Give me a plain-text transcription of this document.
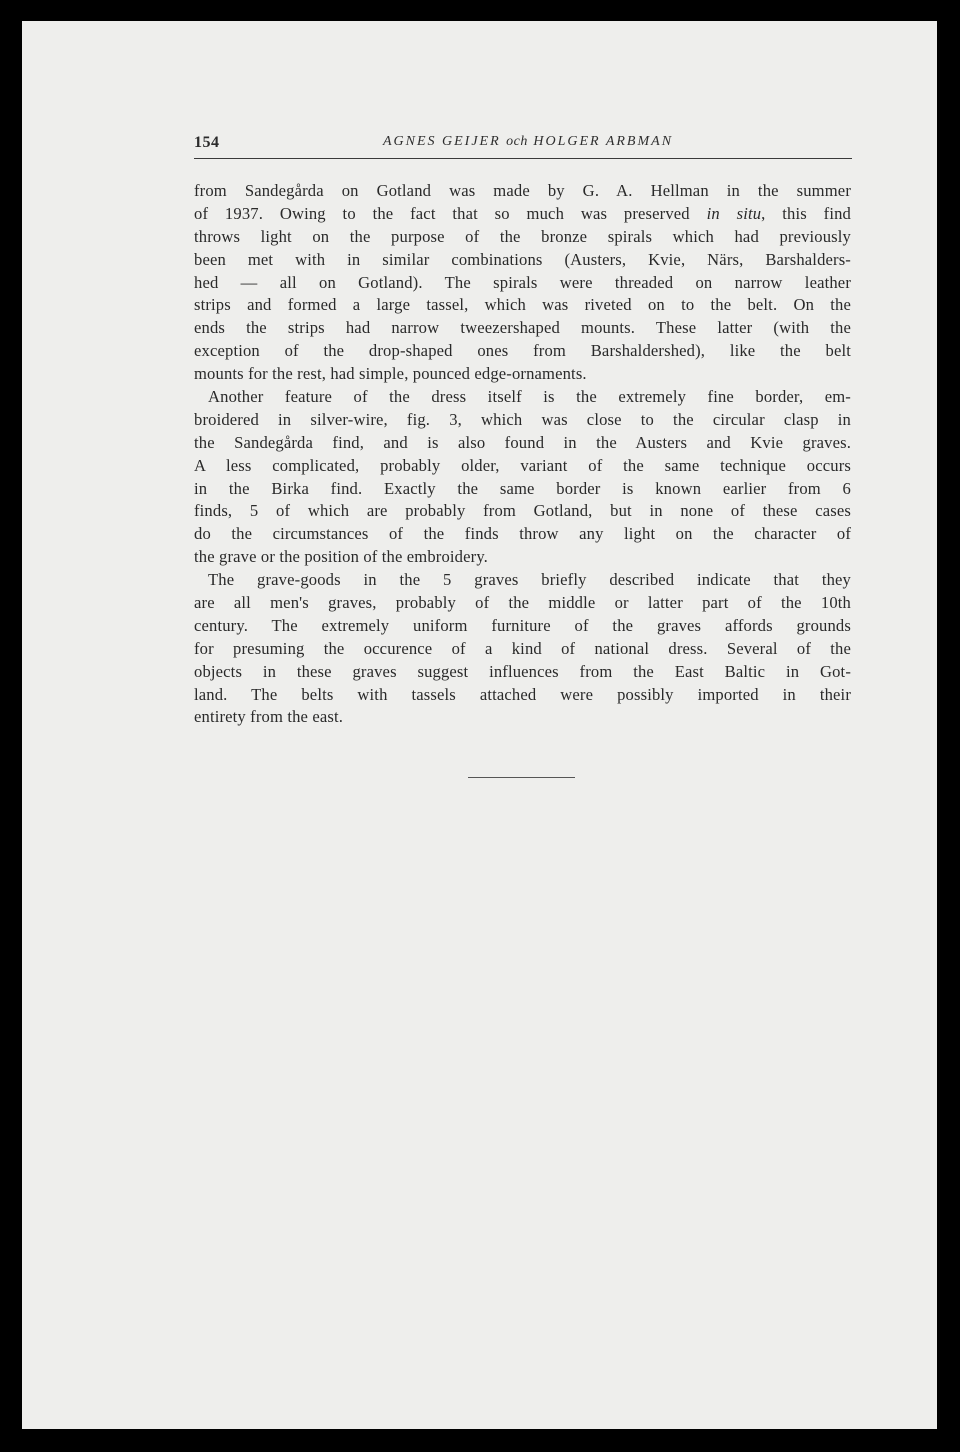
154	AGNES GEIJER och HOLGER ARBMAN
from Sandegårda on Gotland was made by G. A. Hellman in the summer
of 1937. Owing to the fact that so much was preserved in situ, this find
throws light on the purpose of the bronze spirals which had previously
been met with in similar combinations (Austers, Kvie, Närs, Barshalders-
hed — all on Gotland). The spirals were threaded on narrow leather
strips and formed a large tassel, which was riveted on to the belt. On the
ends the strips had narrow tweezershaped mounts. These latter (with the
exception of the drop-shaped ones from Barshaldershed), like the belt
mounts for the rest, had simple, pounced edge-ornaments.
Another feature of the dress itself is the extremely fine border, em-
broidered in silver-wire, fig. 3, which was close to the circular clasp in
the Sandegårda find, and is also found in the Austers and Kvie graves.
A less complicated, probably older, variant of the same technique occurs
in the Birka find. Exactly the same border is known earlier from 6
finds, 5 of which are probably from Gotland, but in none of these cases
do the circumstances of the finds throw any light on the character of
the grave or the position of the embroidery.
The grave-goods in the 5 graves briefly described indicate that they
are all men's graves, probably of the middle or latter part of the 10th
century. The extremely uniform furniture of the graves affords grounds
for presuming the occurence of a kind of national dress. Several of the
objects in these graves suggest influences from the East Baltic in Got-
land. The belts with tassels attached were possibly imported in their
entirety from the east.
